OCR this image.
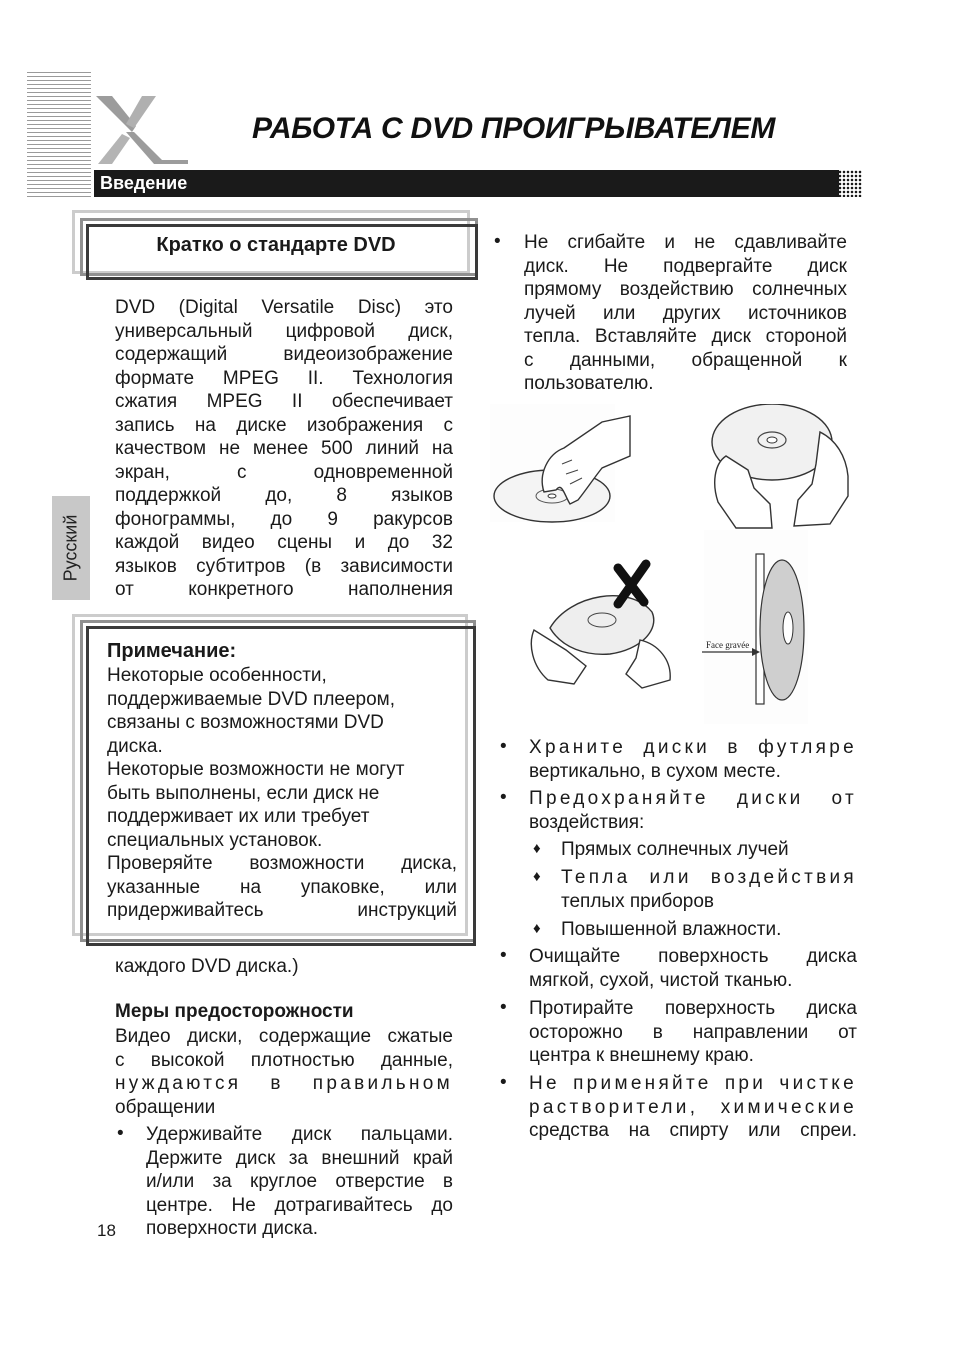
РАБОТА С DVD ПРОИГРЫВАТЕЛЕМ
Введение
Русский
Кратко о стандарте DVD
DVD (Digital Versatile Disc) это
универсальный цифровой диск,
содержащий видеоизображение
формате MPEG II. Технология
сжатия MPEG II обеспечивает
запись на диске изображения с
качеством не менее 500 линий на
экран, с одновременной
поддержкой до, 8 языков
фонограммы, до 9 ракурсов
каждой видео сцены и до 32
языков субтитров (в зависимости
от конкретного наполнения
Примечание:
Некоторые особенности,
поддерживаемые DVD плеером,
связаны с возможностями DVD
диска.
Некоторые возможности не могут
быть выполнены, если диск не
поддерживает их или требует
специальных установок.
Проверяйте возможности диска,
указанные на упаковке, или
придерживайтесь инструкций
каждого DVD диска.)
Меры предосторожности
Видео диски, содержащие сжатые
с высокой плотностью данные,
нуждаются в правильном
обращении
• Удерживайте диск пальцами.
Держите диск за внешний край
и/или за круглое отверстие в
центре. Не дотрагивайтесь до
поверхности диска.
18
• Не сгибайте и не сдавливайте
диск. Не подвергайте диск
прямому воздействию солнечных
лучей или других источников
тепла. Вставляйте диск стороной
с данными, обращенной к
пользователю.
Face gravée
• Храните диски в футляре
вертикально, в сухом месте.
• Предохраняйте диски от
воздействия:
♦ Прямых солнечных лучей
♦ Тепла или воздействия
теплых приборов
♦ Повышенной влажности.
• Очищайте поверхность диска
мягкой, сухой, чистой тканью.
• Протирайте поверхность диска
осторожно в направлении от
центра к внешнему краю.
• Не применяйте при чистке
растворители, химические
средства на спирту или спреи.
